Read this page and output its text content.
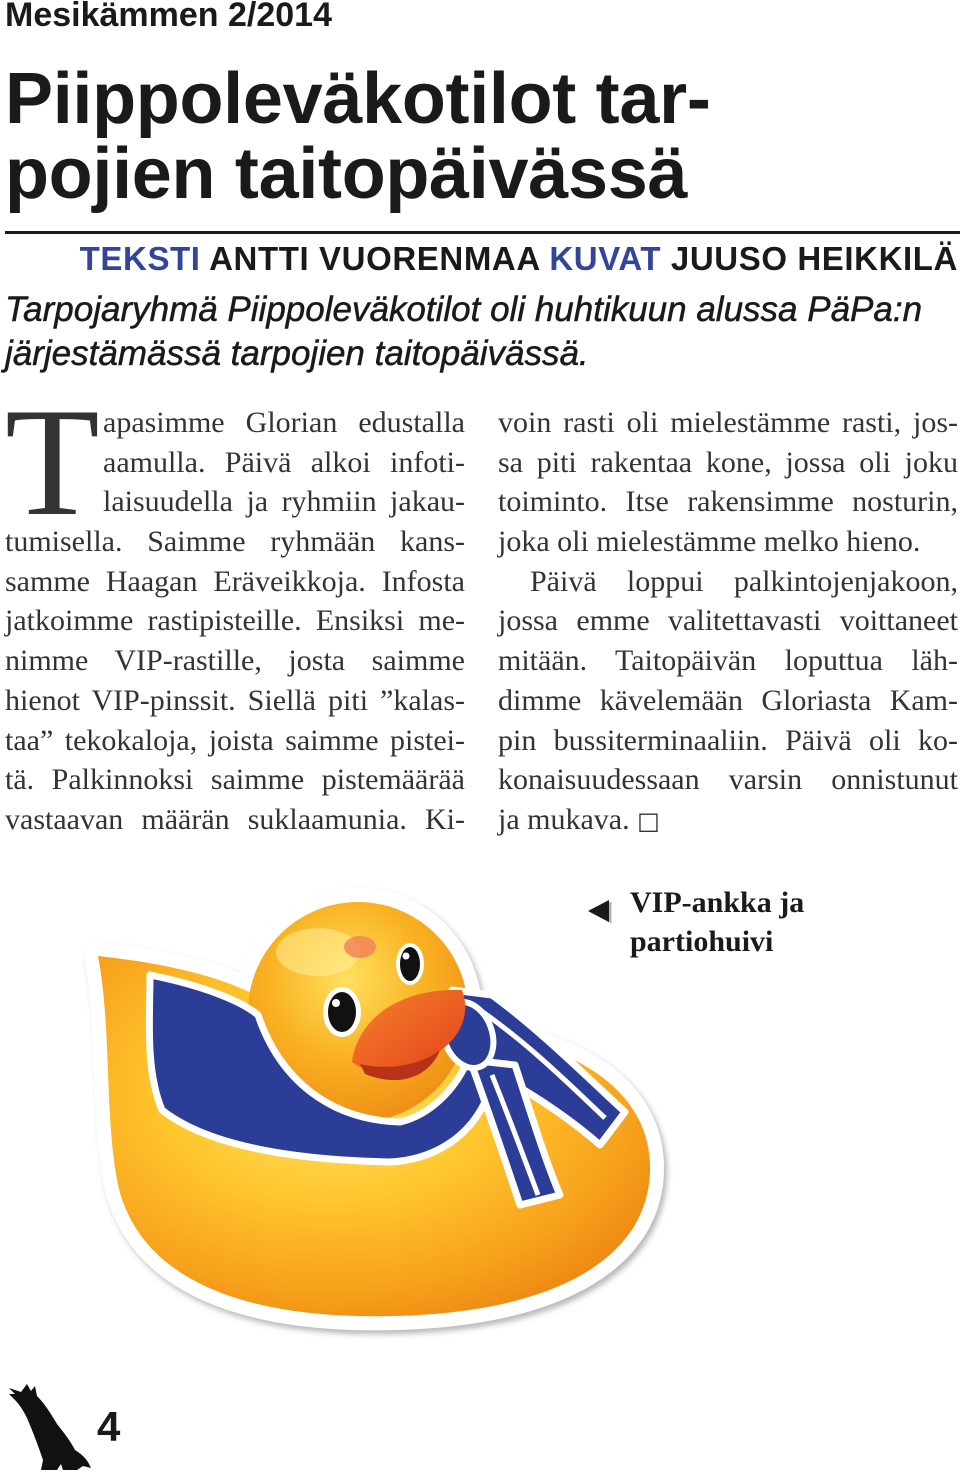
Mesikämmen 2/2014
Piippoleväkotilot tar-
pojien taitopäivässä
TEKSTI ANTTI VUORENMAA KUVAT JUUSO HEIKKILÄ
Tarpojaryhmä Piippoleväkotilot oli huhtikuun alussa PäPa:n
järjestämässä tarpojien taitopäivässä.
T apasimme Glorian edustalla
aamulla. Päivä alkoi infoti-
laisuudella ja ryhmiin jakau-
tumisella. Saimme ryhmään kans-
samme Haagan Eräveikkoja. Infosta
jatkoimme rastipisteille. Ensiksi me-
nimme VIP-rastille, josta saimme
hienot VIP-pinssit. Siellä piti ”kalas-
taa” tekokaloja, joista saimme pistei-
tä. Palkinnoksi saimme pistemäärää
vastaavan määrän suklaamunia. Ki-
voin rasti oli mielestämme rasti, jos-
sa piti rakentaa kone, jossa oli joku
toiminto. Itse rakensimme nosturin,
joka oli mielestämme melko hieno.
Päivä loppui palkintojenjakoon,
jossa emme valitettavasti voittaneet
mitään. Taitopäivän loputtua läh-
dimme kävelemään Gloriasta Kam-
pin bussiterminaaliin. Päivä oli ko-
konaisuudessaan varsin onnistunut
ja mukava. □
VIP-ankka ja
partiohuivi
4
